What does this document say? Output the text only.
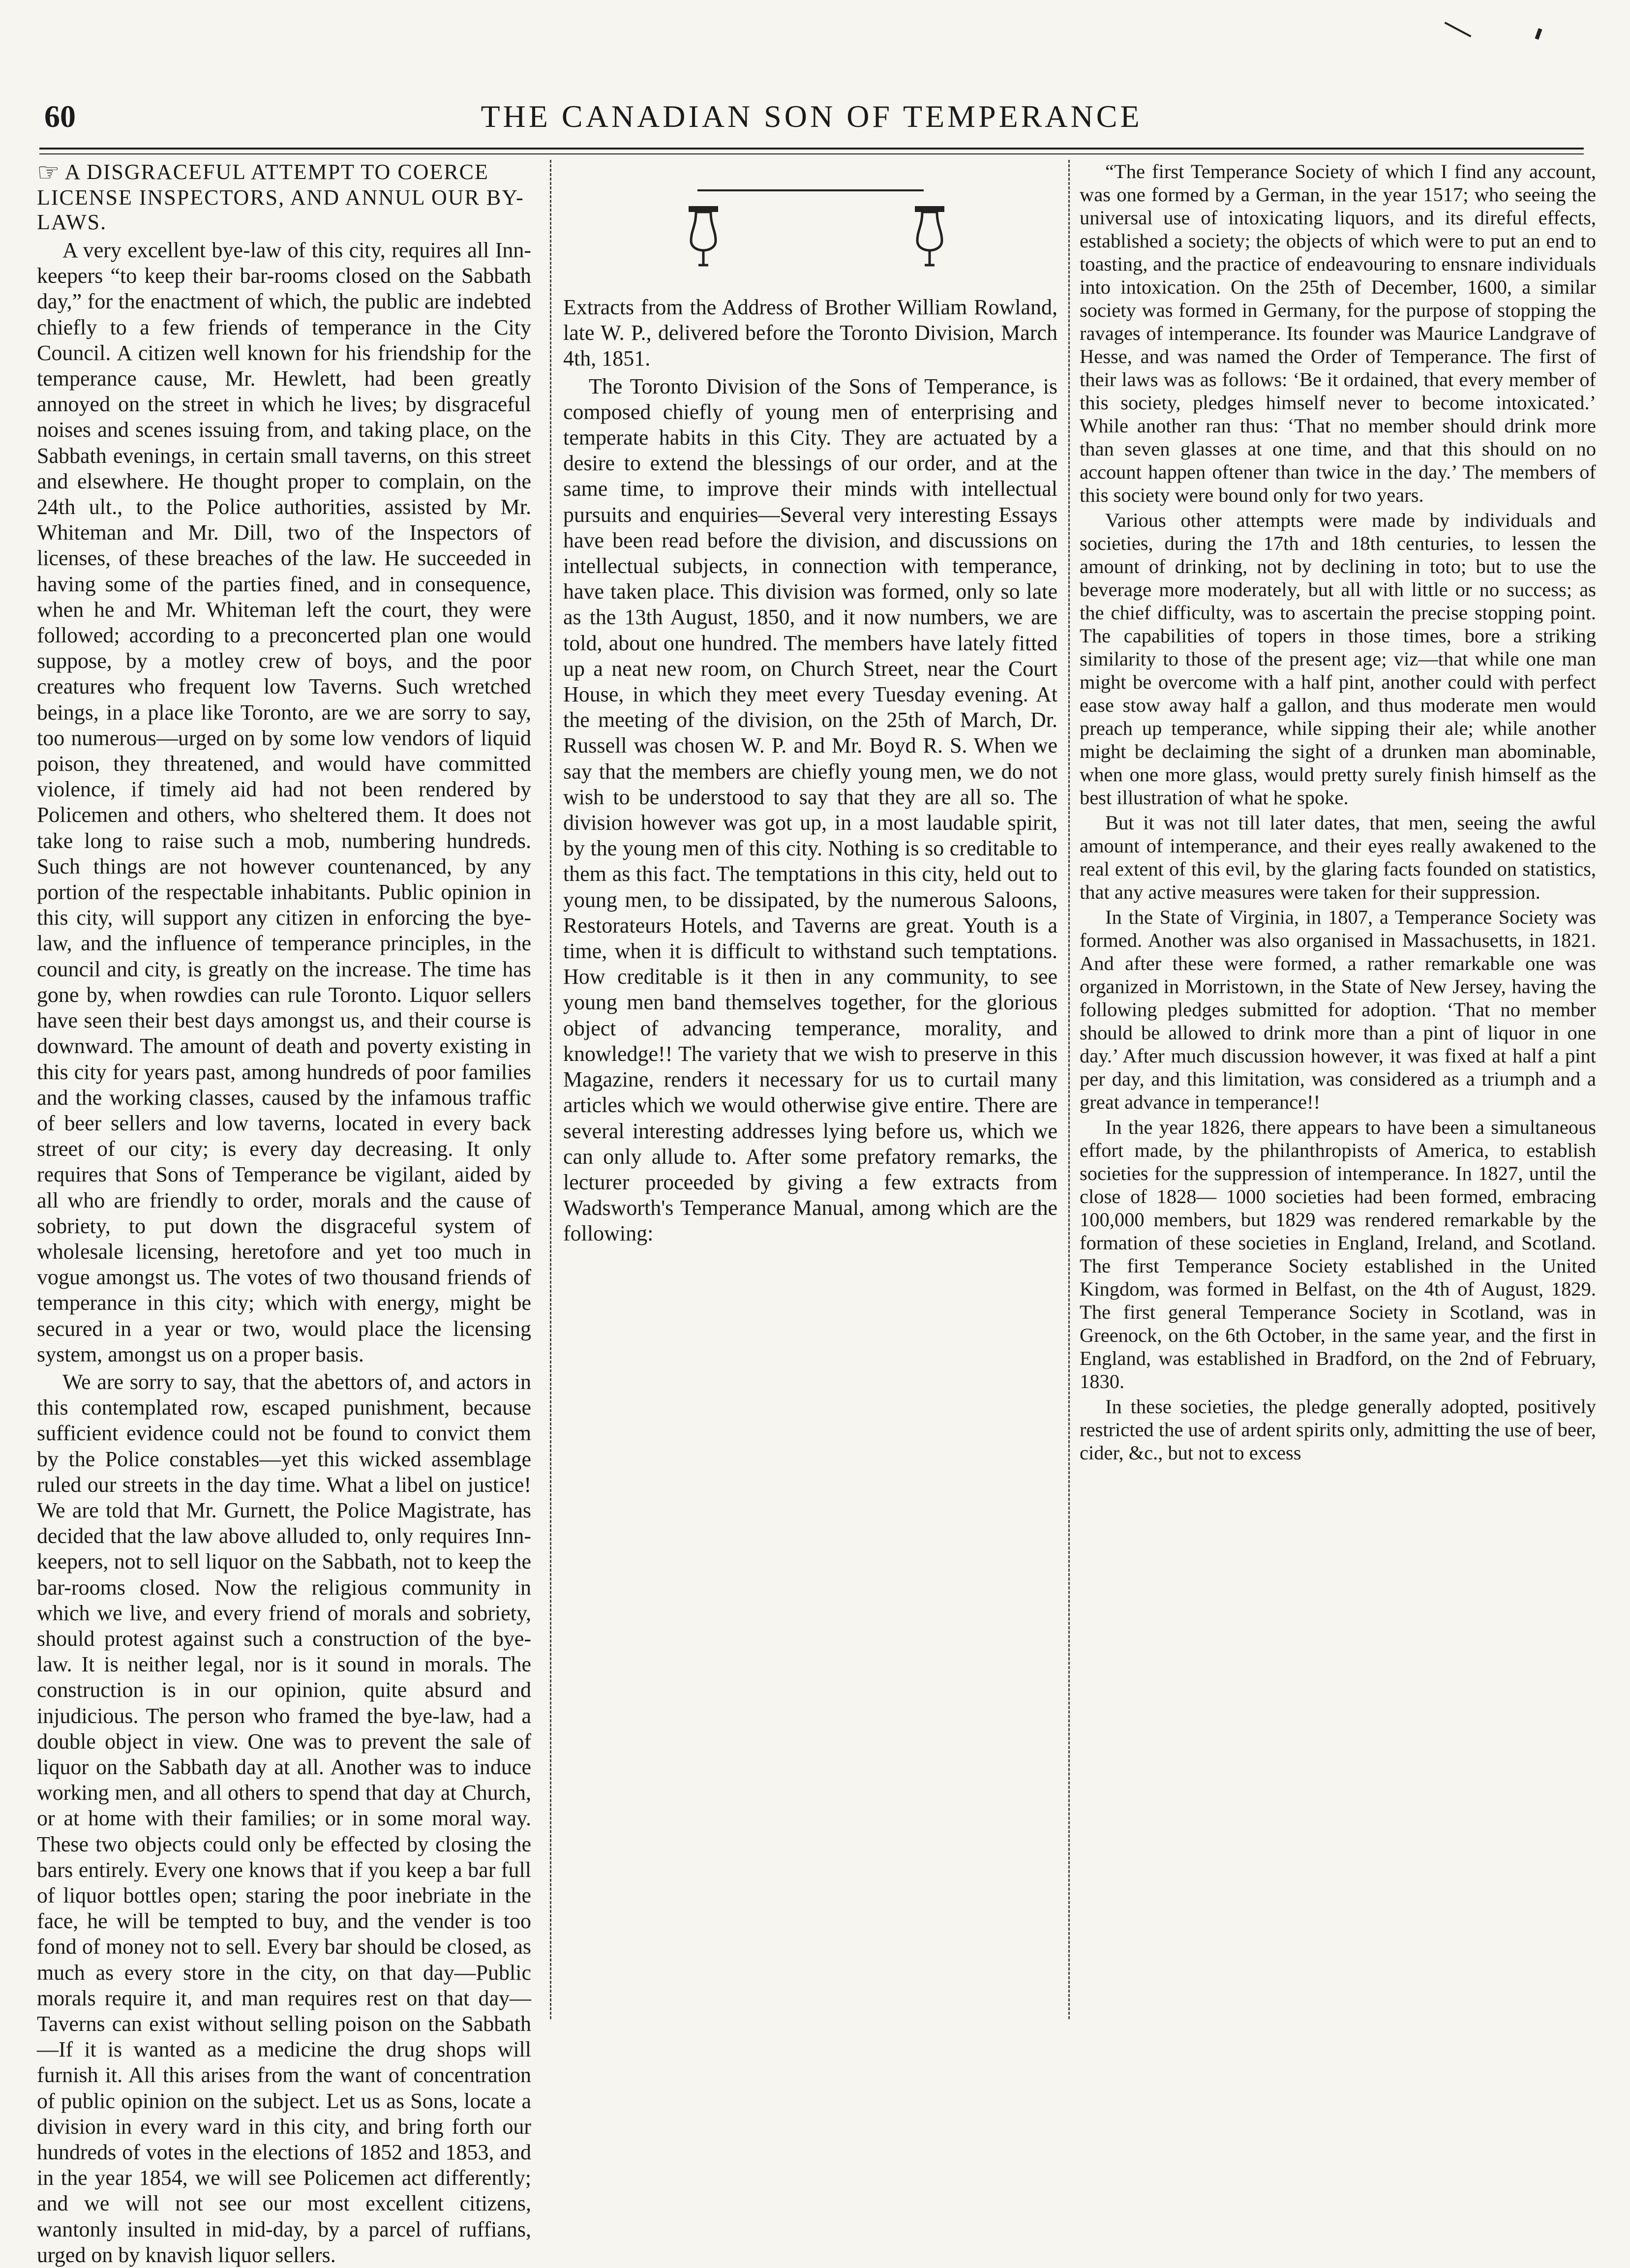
60	THE CANADIAN SON OF TEMPERANCE

☞ A DISGRACEFUL ATTEMPT TO COERCE LICENSE INSPECTORS, AND ANNUL OUR BY-LAWS.

A very excellent bye-law of this city, requires all Inn-keepers “to keep their bar-rooms closed on the Sabbath day,” for the enactment of which, the public are indebted chiefly to a few friends of temperance in the City Council. A citizen well known for his friendship for the temperance cause, Mr. Hewlett, had been greatly annoyed on the street in which he lives; by disgraceful noises and scenes issuing from, and taking place, on the Sabbath evenings, in certain small taverns, on this street and elsewhere. He thought proper to complain, on the 24th ult., to the Police authorities, assisted by Mr. Whiteman and Mr. Dill, two of the Inspectors of licenses, of these breaches of the law. He succeeded in having some of the parties fined, and in consequence, when he and Mr. Whiteman left the court, they were followed; according to a preconcerted plan one would suppose, by a motley crew of boys, and the poor creatures who frequent low Taverns. Such wretched beings, in a place like Toronto, are we are sorry to say, too numerous—urged on by some low vendors of liquid poison, they threatened, and would have committed violence, if timely aid had not been rendered by Policemen and others, who sheltered them. It does not take long to raise such a mob, numbering hundreds. Such things are not however countenanced, by any portion of the respectable inhabitants. Public opinion in this city, will support any citizen in enforcing the bye-law, and the influence of temperance principles, in the council and city, is greatly on the increase. The time has gone by, when rowdies can rule Toronto. Liquor sellers have seen their best days amongst us, and their course is downward. The amount of death and poverty existing in this city for years past, among hundreds of poor families and the working classes, caused by the infamous traffic of beer sellers and low taverns, located in every back street of our city; is every day decreasing. It only requires that Sons of Temperance be vigilant, aided by all who are friendly to order, morals and the cause of sobriety, to put down the disgraceful system of wholesale licensing, heretofore and yet too much in vogue amongst us. The votes of two thousand friends of temperance in this city; which with energy, might be secured in a year or two, would place the licensing system, amongst us on a proper basis.

We are sorry to say, that the abettors of, and actors in this contemplated row, escaped punishment, because sufficient evidence could not be found to convict them by the Police constables—yet this wicked assemblage ruled our streets in the day time. What a libel on justice! We are told that Mr. Gurnett, the Police Magistrate, has decided that the law above alluded to, only requires Inn-keepers, not to sell liquor on the Sabbath, not to keep the bar-rooms closed. Now the religious community in which we live, and every friend of morals and sobriety, should protest against such a construction of the bye-law. It is neither legal, nor is it sound in morals. The construction is in our opinion, quite absurd and injudicious. The person who framed the bye-law, had a double object in view. One was to prevent the sale of liquor on the Sabbath day at all. Another was to induce working men, and all others to spend that day at Church, or at home with their families; or in some moral way. These two objects could only be effected by closing the bars entirely. Every one knows that if you keep a bar full of liquor bottles open; staring the poor inebriate in the face, he will be tempted to buy, and the vender is too fond of money not to sell. Every bar should be closed, as much as every store in the city, on that day—Public morals require it, and man requires rest on that day—Taverns can exist without selling poison on the Sabbath—If it is wanted as a medicine the drug shops will furnish it. All this arises from the want of concentration of public opinion on the subject. Let us as Sons, locate a division in every ward in this city, and bring forth our hundreds of votes in the elections of 1852 and 1853, and in the year 1854, we will see Policemen act differently; and we will not see our most excellent citizens, wantonly insulted in mid-day, by a parcel of ruffians, urged on by knavish liquor sellers.

Extracts from the Address of Brother William Rowland, late W. P., delivered before the Toronto Division, March 4th, 1851.

The Toronto Division of the Sons of Temperance, is composed chiefly of young men of enterprising and temperate habits in this City. They are actuated by a desire to extend the blessings of our order, and at the same time, to improve their minds with intellectual pursuits and enquiries—Several very interesting Essays have been read before the division, and discussions on intellectual subjects, in connection with temperance, have taken place. This division was formed, only so late as the 13th August, 1850, and it now numbers, we are told, about one hundred. The members have lately fitted up a neat new room, on Church Street, near the Court House, in which they meet every Tuesday evening. At the meeting of the division, on the 25th of March, Dr. Russell was chosen W. P. and Mr. Boyd R. S. When we say that the members are chiefly young men, we do not wish to be understood to say that they are all so. The division however was got up, in a most laudable spirit, by the young men of this city. Nothing is so creditable to them as this fact. The temptations in this city, held out to young men, to be dissipated, by the numerous Saloons, Restorateurs Hotels, and Taverns are great. Youth is a time, when it is difficult to withstand such temptations. How creditable is it then in any community, to see young men band themselves together, for the glorious object of advancing temperance, morality, and knowledge!! The variety that we wish to preserve in this Magazine, renders it necessary for us to curtail many articles which we would otherwise give entire. There are several interesting addresses lying before us, which we can only allude to. After some prefatory remarks, the lecturer proceeded by giving a few extracts from Wadsworth's Temperance Manual, among which are the following:

“The first Temperance Society of which I find any account, was one formed by a German, in the year 1517; who seeing the universal use of intoxicating liquors, and its direful effects, established a society; the objects of which were to put an end to toasting, and the practice of endeavouring to ensnare individuals into intoxication. On the 25th of December, 1600, a similar society was formed in Germany, for the purpose of stopping the ravages of intemperance. Its founder was Maurice Landgrave of Hesse, and was named the Order of Temperance. The first of their laws was as follows: ‘Be it ordained, that every member of this society, pledges himself never to become intoxicated.’ While another ran thus: ‘That no member should drink more than seven glasses at one time, and that this should on no account happen oftener than twice in the day.’ The members of this society were bound only for two years.

Various other attempts were made by individuals and societies, during the 17th and 18th centuries, to lessen the amount of drinking, not by declining in toto; but to use the beverage more moderately, but all with little or no success; as the chief difficulty, was to ascertain the precise stopping point. The capabilities of topers in those times, bore a striking similarity to those of the present age; viz—that while one man might be overcome with a half pint, another could with perfect ease stow away half a gallon, and thus moderate men would preach up temperance, while sipping their ale; while another might be declaiming the sight of a drunken man abominable, when one more glass, would pretty surely finish himself as the best illustration of what he spoke.

But it was not till later dates, that men, seeing the awful amount of intemperance, and their eyes really awakened to the real extent of this evil, by the glaring facts founded on statistics, that any active measures were taken for their suppression.

In the State of Virginia, in 1807, a Temperance Society was formed. Another was also organised in Massachusetts, in 1821. And after these were formed, a rather remarkable one was organized in Morristown, in the State of New Jersey, having the following pledges submitted for adoption. ‘That no member should be allowed to drink more than a pint of liquor in one day.’ After much discussion however, it was fixed at half a pint per day, and this limitation, was considered as a triumph and a great advance in temperance!!

In the year 1826, there appears to have been a simultaneous effort made, by the philanthropists of America, to establish societies for the suppression of intemperance. In 1827, until the close of 1828— 1000 societies had been formed, embracing 100,000 members, but 1829 was rendered remarkable by the formation of these societies in England, Ireland, and Scotland. The first Temperance Society established in the United Kingdom, was formed in Belfast, on the 4th of August, 1829. The first general Temperance Society in Scotland, was in Greenock, on the 6th October, in the same year, and the first in England, was established in Bradford, on the 2nd of February, 1830.

In these societies, the pledge generally adopted, positively restricted the use of ardent spirits only, admitting the use of beer, cider, &c., but not to excess
